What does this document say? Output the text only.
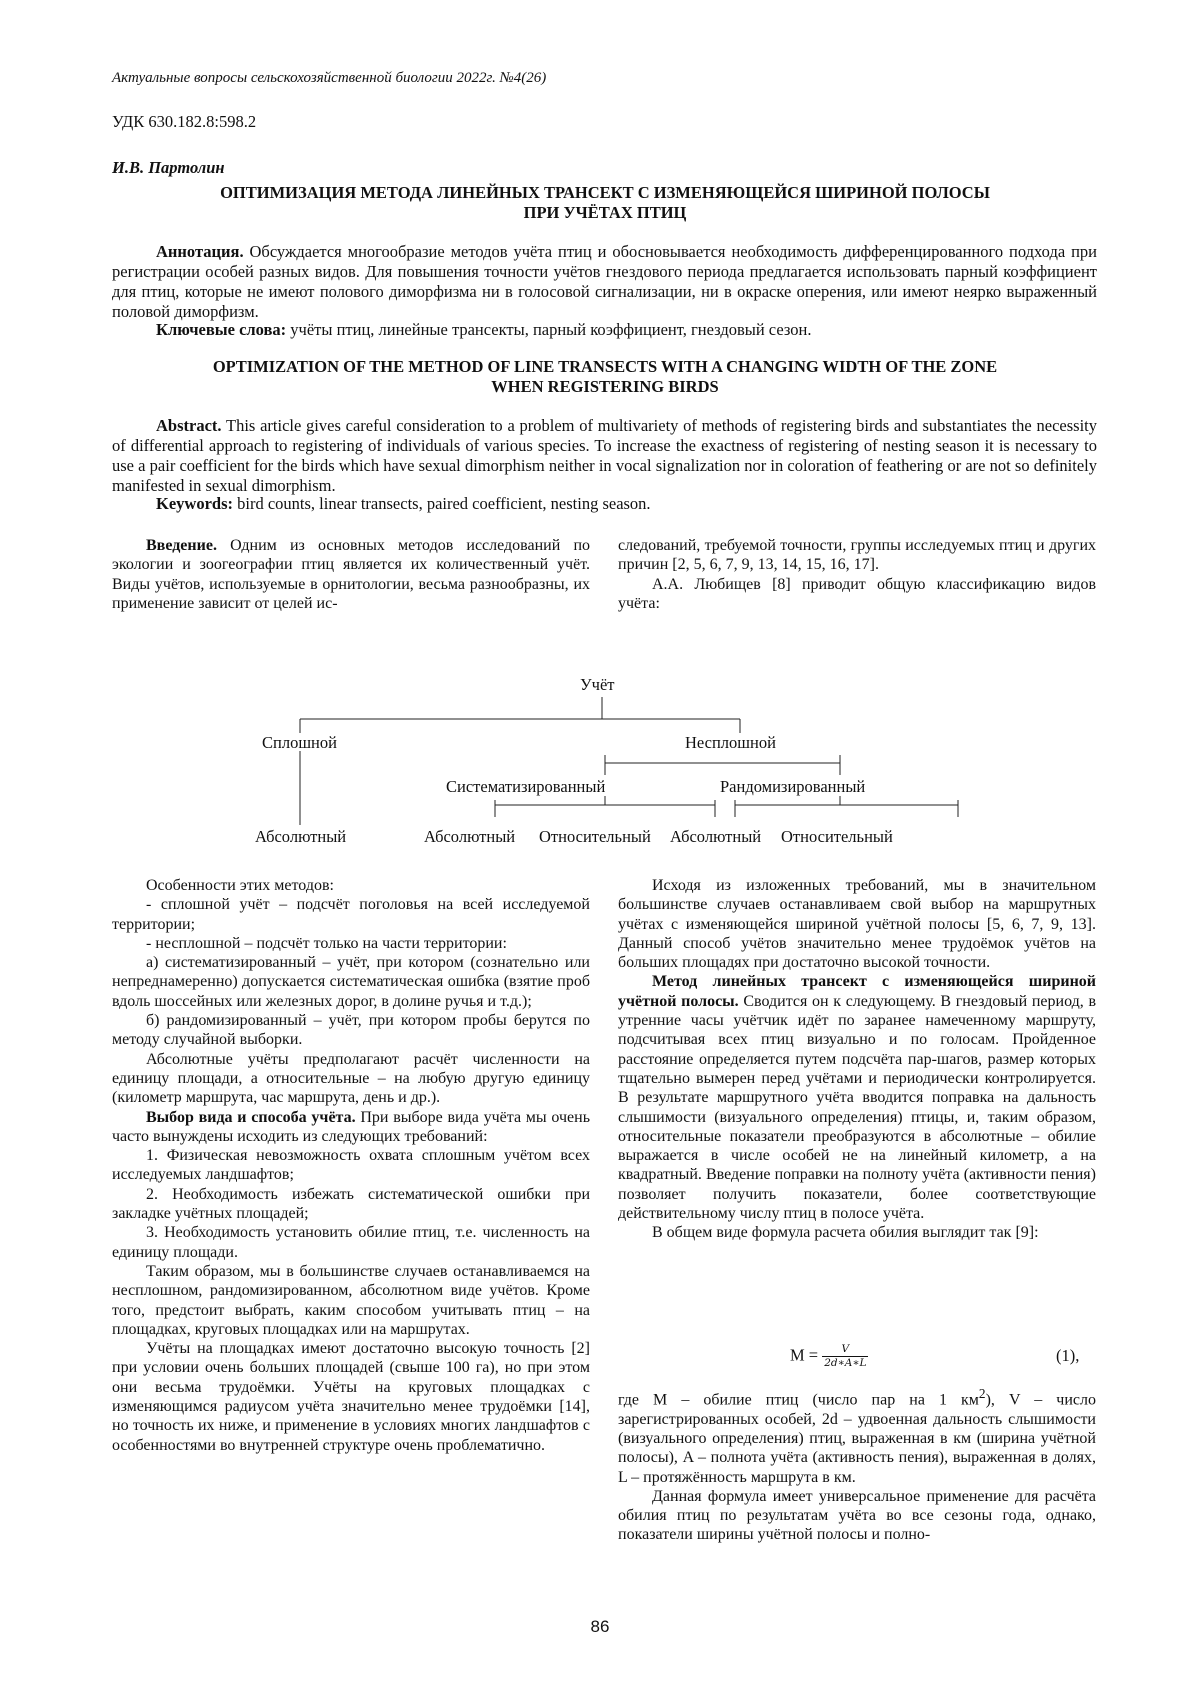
Актуальные вопросы сельскохозяйственной биологии 2022г. №4(26)
УДК 630.182.8:598.2
И.В. Партолин
ОПТИМИЗАЦИЯ МЕТОДА ЛИНЕЙНЫХ ТРАНСЕКТ С ИЗМЕНЯЮЩЕЙСЯ ШИРИНОЙ ПОЛОСЫ
ПРИ УЧЁТАХ ПТИЦ
Аннотация. Обсуждается многообразие методов учёта птиц и обосновывается необходимость дифференцированного подхода при регистрации особей разных видов. Для повышения точности учётов гнездового периода предлагается использовать парный коэффициент для птиц, которые не имеют полового диморфизма ни в голосовой сигнализации, ни в окраске оперения, или имеют неярко выраженный половой диморфизм.
Ключевые слова: учёты птиц, линейные трансекты, парный коэффициент, гнездовый сезон.
OPTIMIZATION OF THE METHOD OF LINE TRANSECTS WITH A CHANGING WIDTH OF THE ZONE
WHEN REGISTERING BIRDS
Abstract. This article gives careful consideration to a problem of multivariety of methods of registering birds and substantiates the necessity of differential approach to registering of individuals of various species. To increase the exactness of registering of nesting season it is necessary to use a pair coefficient for the birds which have sexual dimorphism neither in vocal signalization nor in coloration of feathering or are not so definitely manifested in sexual dimorphism.
Keywords: bird counts, linear transects, paired coefficient, nesting season.

Введение. Одним из основных методов исследований по экологии и зоогеографии птиц является их количественный учёт. Виды учётов, используемые в орнитологии, весьма разнообразны, их применение зависит от целей ис-

следований, требуемой точности, группы исследуемых птиц и других причин [2, 5, 6, 7, 9, 13, 14, 15, 16, 17].

А.А. Любищев [8] приводит общую классификацию видов учёта:

Учёт
Сплошной	Несплошной
Систематизированный	Рандомизированный
Абсолютный	Абсолютный Относительный Абсолютный Относительный

Особенности этих методов:

- сплошной учёт – подсчёт поголовья на всей исследуемой территории;

- несплошной – подсчёт только на части территории:

а) систематизированный – учёт, при котором (сознательно или непреднамеренно) допускается систематическая ошибка (взятие проб вдоль шоссейных или железных дорог, в долине ручья и т.д.);

б) рандомизированный – учёт, при котором пробы берутся по методу случайной выборки.

Абсолютные учёты предполагают расчёт численности на единицу площади, а относительные – на любую другую единицу (километр маршрута, час маршрута, день и др.).

Выбор вида и способа учёта. При выборе вида учёта мы очень часто вынуждены исходить из следующих требований:

1. Физическая невозможность охвата сплошным учётом всех исследуемых ландшафтов;

2. Необходимость избежать систематической ошибки при закладке учётных площадей;

3. Необходимость установить обилие птиц, т.е. численность на единицу площади.

Таким образом, мы в большинстве случаев останавливаемся на несплошном, рандомизированном, абсолютном виде учётов. Кроме того, предстоит выбрать, каким способом учитывать птиц – на площадках, круговых площадках или на маршрутах.

Учёты на площадках имеют достаточно высокую точность [2] при условии очень больших площадей (свыше 100 га), но при этом они весьма трудоёмки. Учёты на круговых площадках с изменяющимся радиусом учёта значительно менее трудоёмки [14], но точность их ниже, и применение в условиях многих ландшафтов с особенностями во внутренней структуре очень проблематично.

Исходя из изложенных требований, мы в значительном большинстве случаев останавливаем свой выбор на маршрутных учётах с изменяющейся шириной учётной полосы [5, 6, 7, 9, 13]. Данный способ учётов значительно менее трудоёмок учётов на больших площадях при достаточно высокой точности.

Метод линейных трансект с изменяющейся шириной учётной полосы. Сводится он к следующему. В гнездовый период, в утренние часы учётчик идёт по заранее намеченному маршруту, подсчитывая всех птиц визуально и по голосам. Пройденное расстояние определяется путем подсчёта пар-шагов, размер которых тщательно вымерен перед учётами и периодически контролируется. В результате маршрутного учёта вводится поправка на дальность слышимости (визуального определения) птицы, и, таким образом, относительные показатели преобразуются в абсолютные – обилие выражается в числе особей не на линейный километр, а на квадратный. Введение поправки на полноту учёта (активности пения) позволяет получить показатели, более соответствующие действительному числу птиц в полосе учёта.

В общем виде формула расчета обилия выглядит так [9]:

$M = \frac{V}{2d∗A∗L}$	(1),

где M – обилие птиц (число пар на 1 $км^2$), V – число зарегистрированных особей, 2d – удвоенная дальность слышимости (визуального определения) птиц, выраженная в км (ширина учётной полосы), A – полнота учёта (активность пения), выраженная в долях, L – протяжённость маршрута в км.

Данная формула имеет универсальное применение для расчёта обилия птиц по результатам учёта во все сезоны года, однако, показатели ширины учётной полосы и полно-

86
